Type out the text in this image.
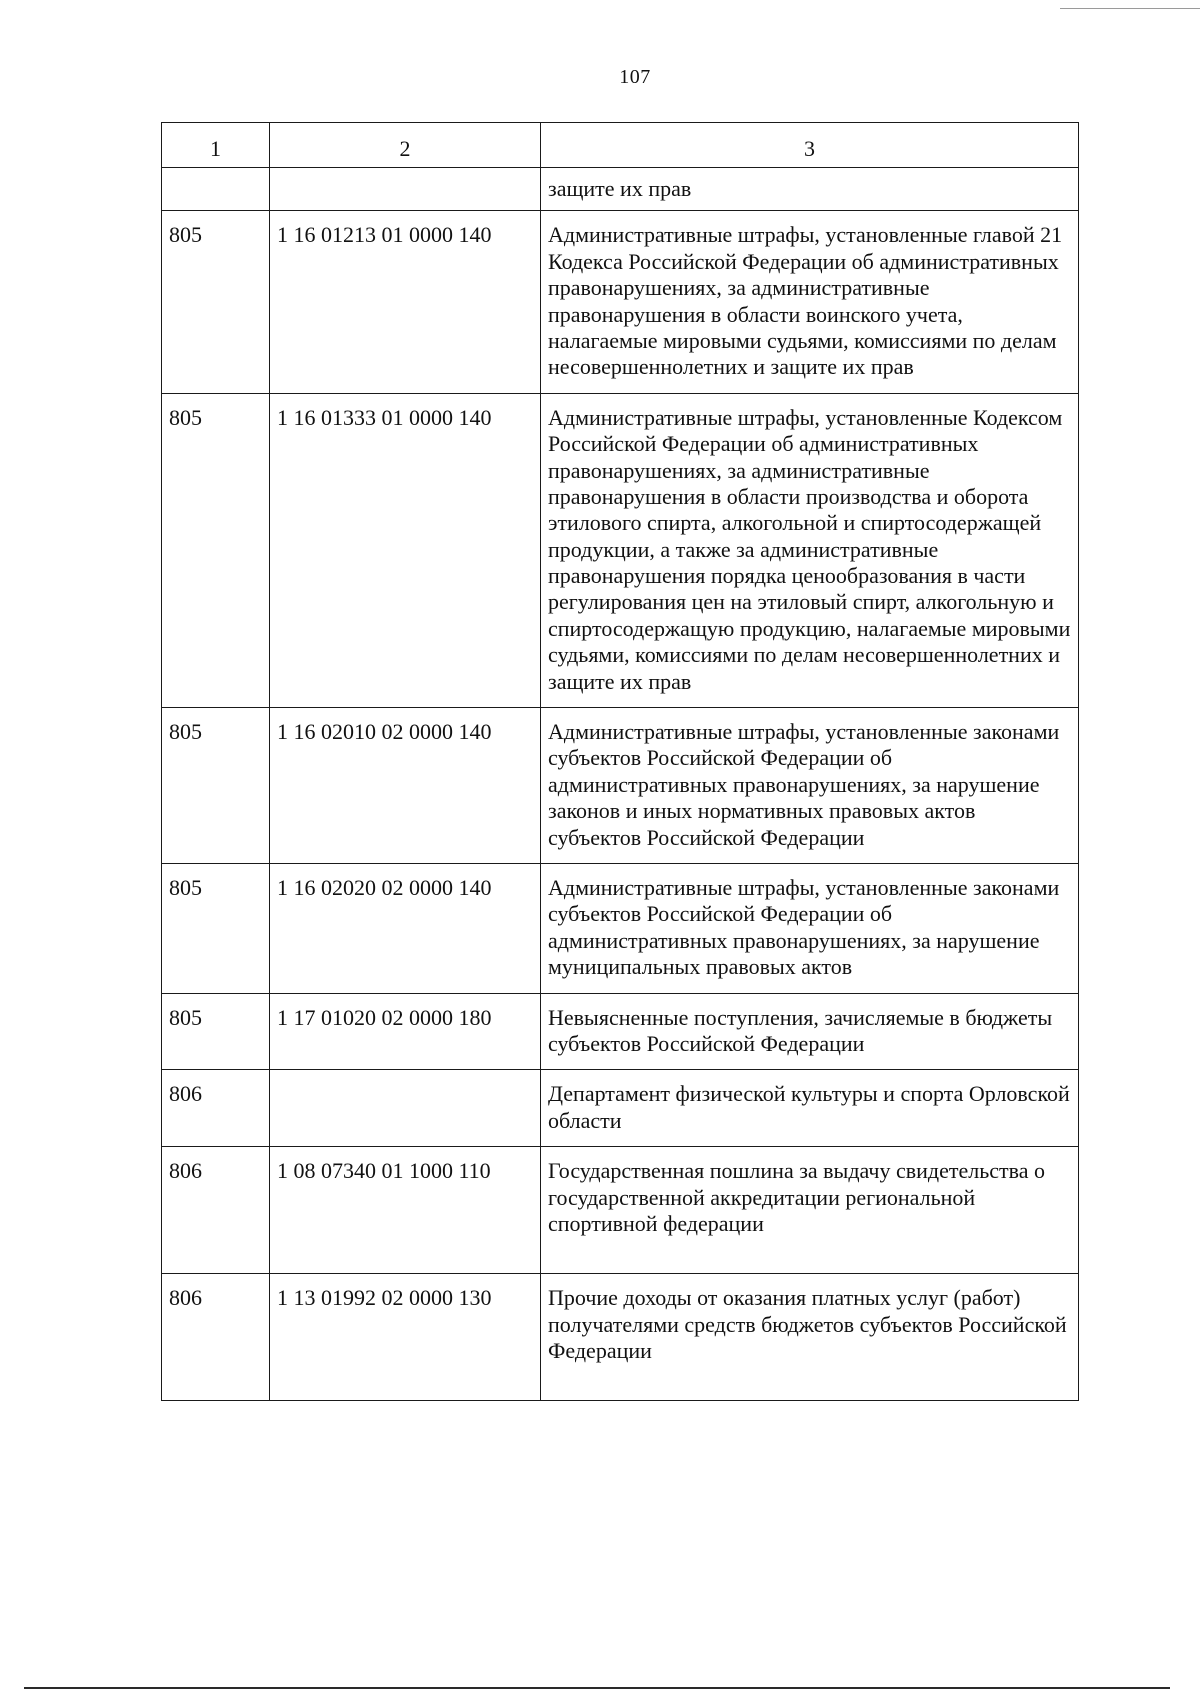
107
1	2	3
		защите их прав
805	1 16 01213 01 0000 140	Административные штрафы, установленные главой 21 Кодекса Российской Федерации об административных правонарушениях, за административные правонарушения в области воинского учета, налагаемые мировыми судьями, комиссиями по делам несовершеннолетних и защите их прав
805	1 16 01333 01 0000 140	Административные штрафы, установленные Кодексом Российской Федерации об административных правонарушениях, за административные правонарушения в области производства и оборота этилового спирта, алкогольной и спиртосодержащей продукции, а также за административные правонарушения порядка ценообразования в части регулирования цен на этиловый спирт, алкогольную и спиртосодержащую продукцию, налагаемые мировыми судьями, комиссиями по делам несовершеннолетних и защите их прав
805	1 16 02010 02 0000 140	Административные штрафы, установленные законами субъектов Российской Федерации об административных правонарушениях, за нарушение законов и иных нормативных правовых актов субъектов Российской Федерации
805	1 16 02020 02 0000 140	Административные штрафы, установленные законами субъектов Российской Федерации об административных правонарушениях, за нарушение муниципальных правовых актов
805	1 17 01020 02 0000 180	Невыясненные поступления, зачисляемые в бюджеты субъектов Российской Федерации
806		Департамент физической культуры и спорта Орловской области
806	1 08 07340 01 1000 110	Государственная пошлина за выдачу свидетельства о государственной аккредитации региональной спортивной федерации
806	1 13 01992 02 0000 130	Прочие доходы от оказания платных услуг (работ) получателями средств бюджетов субъектов Российской Федерации
